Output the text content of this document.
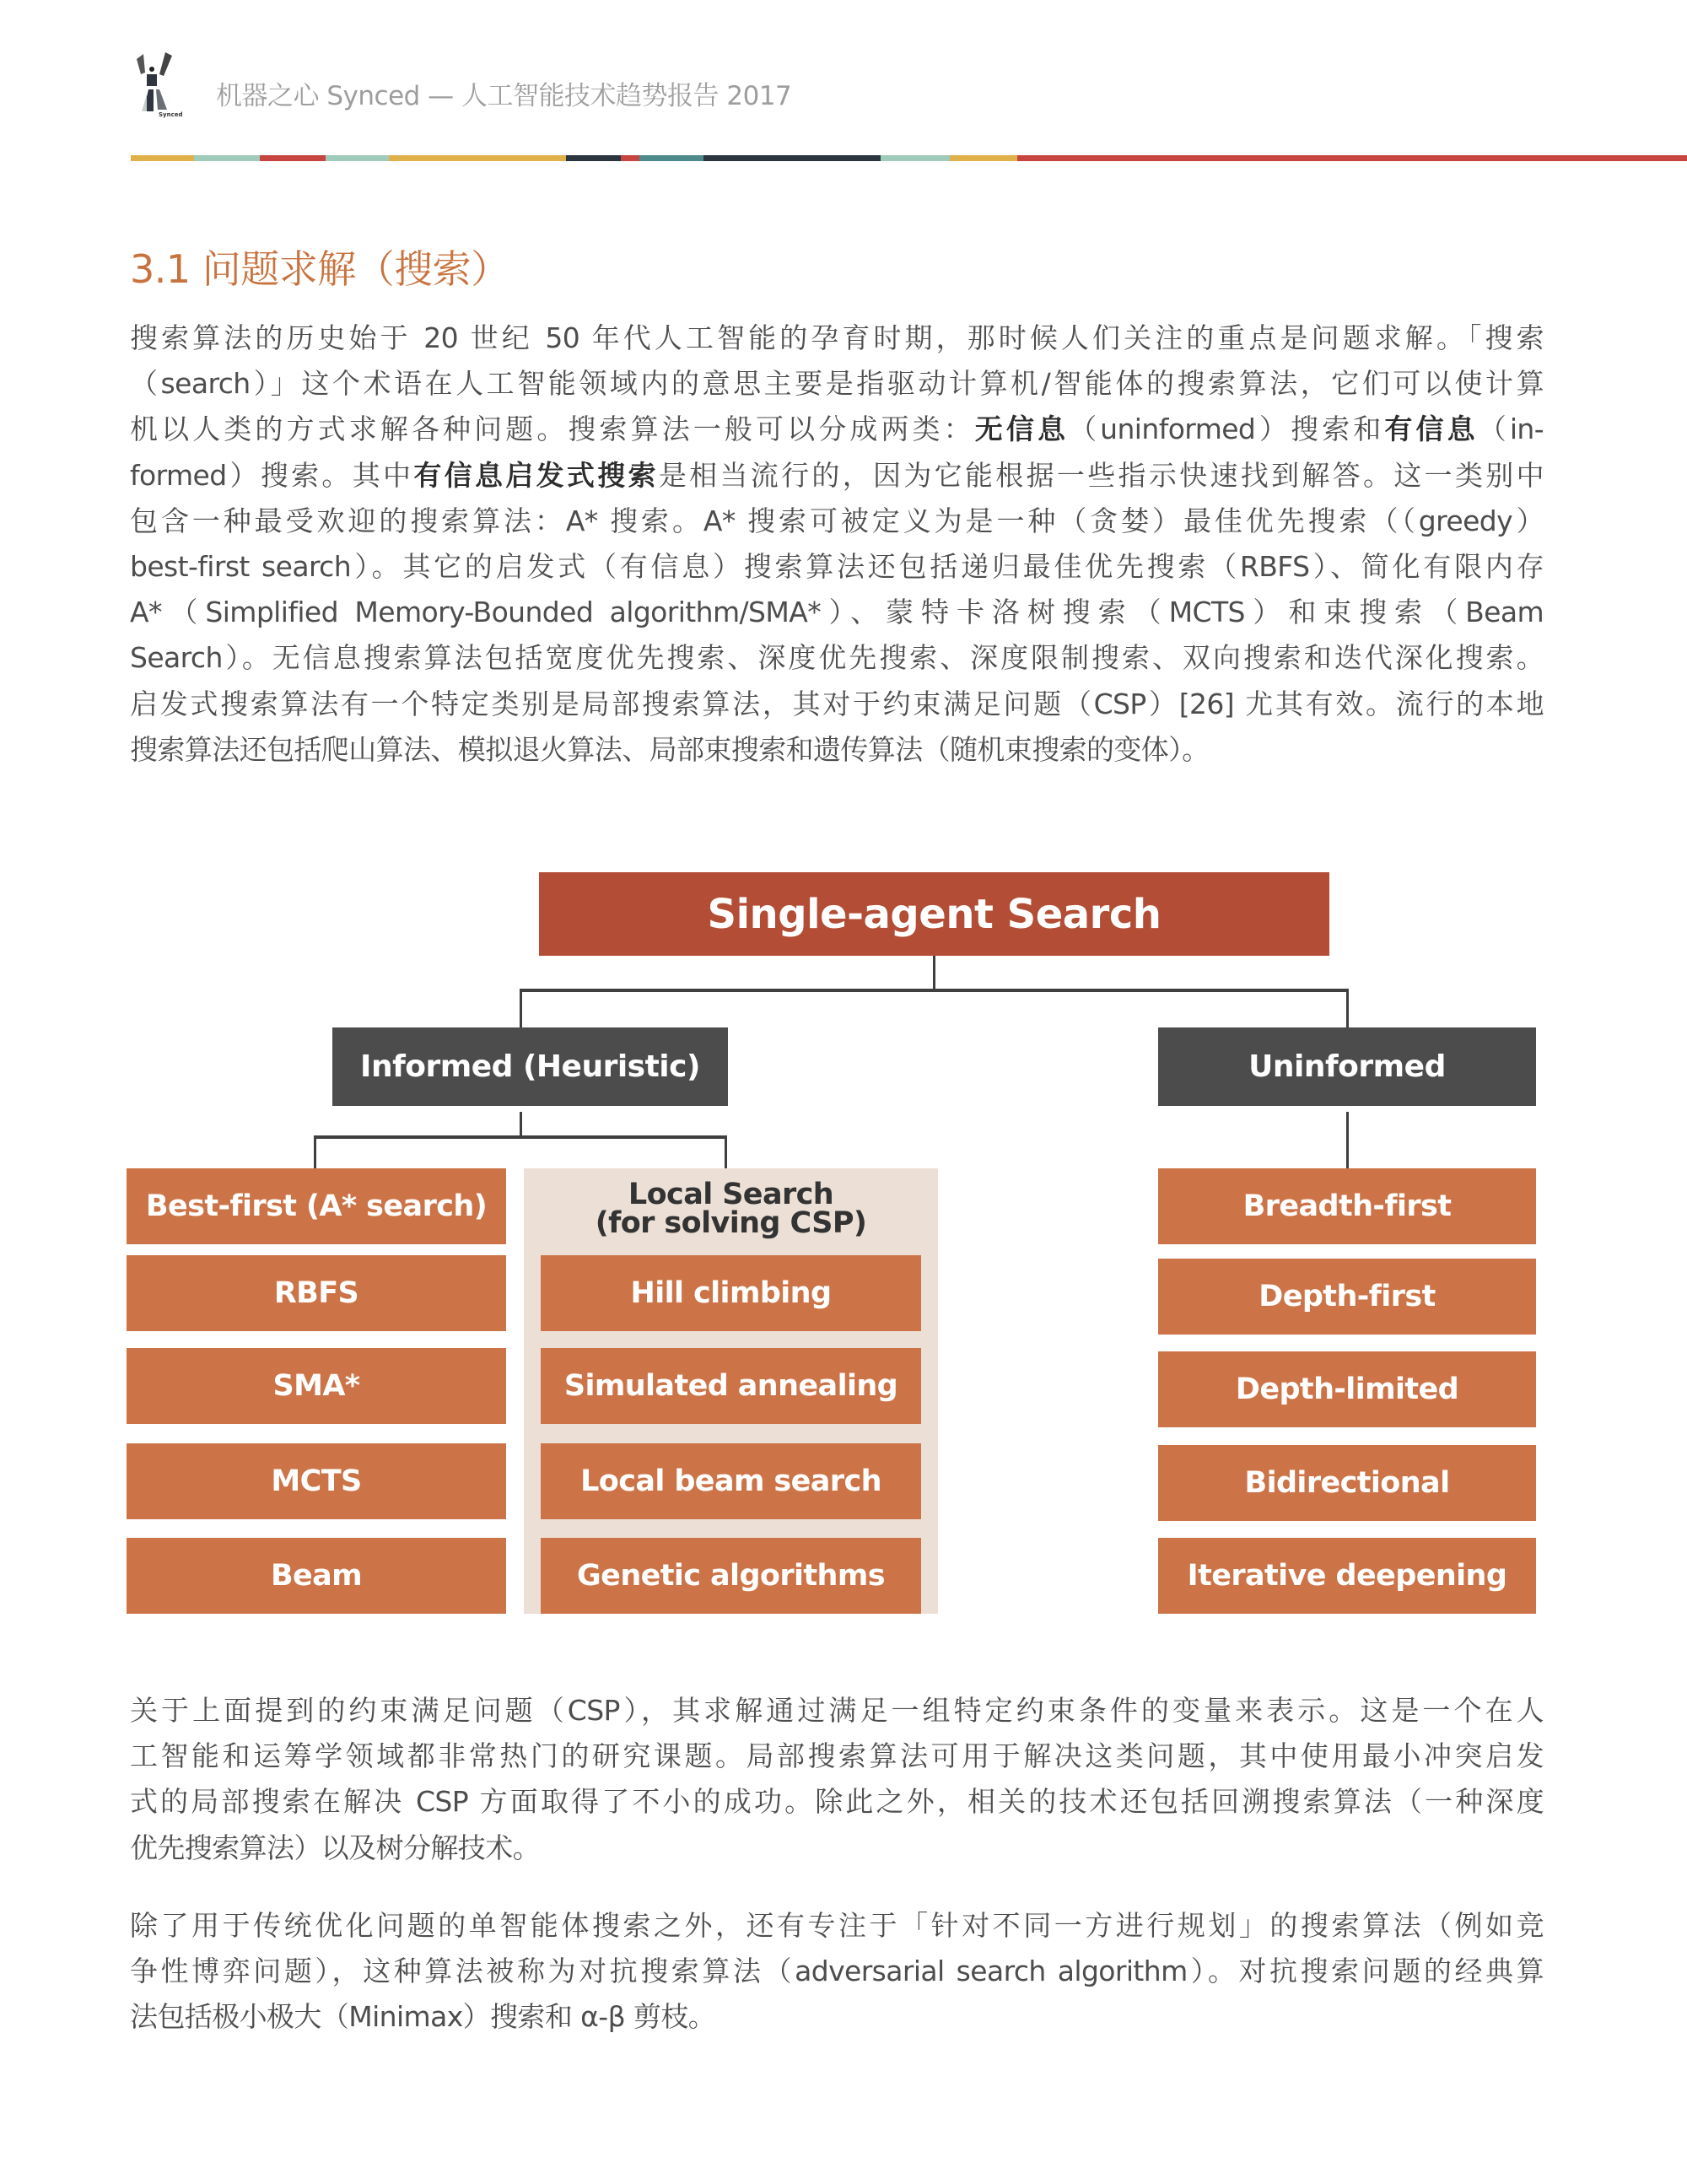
Synced
机器之心 Synced — 人工智能技术趋势报告 2017
3.1 问题求解（搜索）
搜索算法的历史始于 20 世纪 50 年代人工智能的孕育时期，那时候人们关注的重点是问题求解。「搜索
（search）」这个术语在人工智能领域内的意思主要是指驱动计算机/智能体的搜索算法，它们可以使计算
机以人类的方式求解各种问题。搜索算法一般可以分成两类：无信息（uninformed）搜索和有信息（in-
formed）搜索。其中有信息启发式搜索是相当流行的，因为它能根据一些指示快速找到解答。这一类别中
包含一种最受欢迎的搜索算法：A* 搜索。A* 搜索可被定义为是一种（贪婪）最佳优先搜索（（greedy）
best-first search）。其它的启发式（有信息）搜索算法还包括递归最佳优先搜索（RBFS）、简化有限内存
A*（Simplified Memory-Bounded algorithm/SMA*）、蒙特卡洛树搜索（MCTS）和束搜索（Beam
Search）。无信息搜索算法包括宽度优先搜索、深度优先搜索、深度限制搜索、双向搜索和迭代深化搜索。
启发式搜索算法有一个特定类别是局部搜索算法，其对于约束满足问题（CSP）[26] 尤其有效。流行的本地
搜索算法还包括爬山算法、模拟退火算法、局部束搜索和遗传算法（随机束搜索的变体）。
Single-agent Search
Informed (Heuristic)	Uninformed
Best-first (A* search)
RBFS
SMA*
MCTS
Beam
Local Search
(for solving CSP)
Hill climbing
Simulated annealing
Local beam search
Genetic algorithms
Breadth-first
Depth-first
Depth-limited
Bidirectional
Iterative deepening
关于上面提到的约束满足问题（CSP），其求解通过满足一组特定约束条件的变量来表示。这是一个在人
工智能和运筹学领域都非常热门的研究课题。局部搜索算法可用于解决这类问题，其中使用最小冲突启发
式的局部搜索在解决 CSP 方面取得了不小的成功。除此之外，相关的技术还包括回溯搜索算法（一种深度
优先搜索算法）以及树分解技术。
除了用于传统优化问题的单智能体搜索之外，还有专注于「针对不同一方进行规划」的搜索算法（例如竞
争性博弈问题），这种算法被称为对抗搜索算法（adversarial search algorithm）。对抗搜索问题的经典算
法包括极小极大（Minimax）搜索和 α-β 剪枝。
